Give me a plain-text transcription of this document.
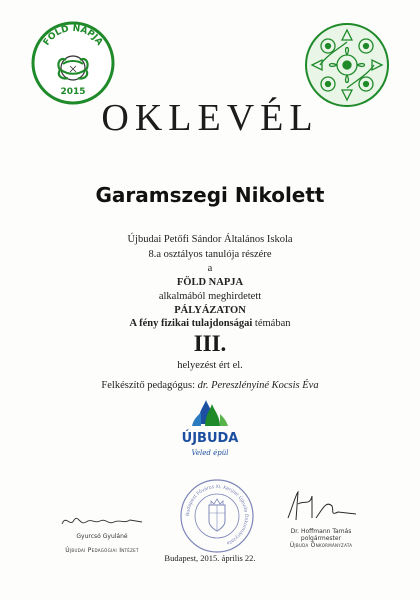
FÖLD NAPJA
2015
OKLEVÉL
Garamszegi Nikolett
Újbudai Petőfi Sándor Általános Iskola
8.a osztályos tanulója részére
a
FÖLD NAPJA
alkalmából meghirdetett
PÁLYÁZATON
A fény fizikai tulajdonságai témában
III.
helyezést ért el.
Felkészítő pedagógus: dr. Pereszlényiné Kocsis Éva
ÚJBUDA
Veled épül
Gyurcsó Gyuláné
Újbudai Pedagógiai Intézet
Budapest Főváros XI. Kerület Újbuda Önkormányzata
Dr. Hoffmann Tamás
polgármester
Újbuda Önkormányzata
Budapest, 2015. április 22.
